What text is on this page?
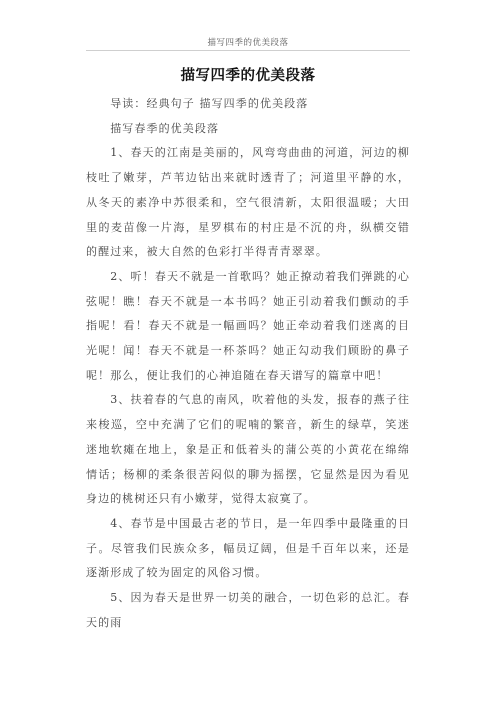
描写四季的优美段落
描写四季的优美段落

导读：经典句子 描写四季的优美段落

描写春季的优美段落

1、春天的江南是美丽的，风弯弯曲曲的河道，河边的柳枝吐了嫩芽，芦苇边钻出来就时透青了；河道里平静的水，从冬天的素净中苏很柔和，空气很清新，太阳很温暖；大田里的麦苗像一片海，星罗棋布的村庄是不沉的舟，纵横交错的醒过来，被大自然的色彩打半得青青翠翠。

2、听！春天不就是一首歌吗？她正撩动着我们弹跳的心弦呢！瞧！春天不就是一本书吗？她正引动着我们颤动的手指呢！看！春天不就是一幅画吗？她正牵动着我们迷离的目光呢！闻！春天不就是一杯茶吗？她正勾动我们顾盼的鼻子呢！那么，便让我们的心神追随在春天谱写的篇章中吧！

3、扶着春的气息的南风，吹着他的头发，报春的燕子往来梭巡，空中充满了它们的呢喃的繁音，新生的绿草，笑迷迷地软瘫在地上，象是正和低着头的蒲公英的小黄花在绵绵情话；杨柳的柔条很苦闷似的聊为摇摆，它显然是因为看见身边的桃树还只有小嫩芽，觉得太寂寞了。

4、春节是中国最古老的节日，是一年四季中最隆重的日子。尽管我们民族众多，幅员辽阔，但是千百年以来，还是逐渐形成了较为固定的风俗习惯。

5、因为春天是世界一切美的融合，一切色彩的总汇。春天的雨
